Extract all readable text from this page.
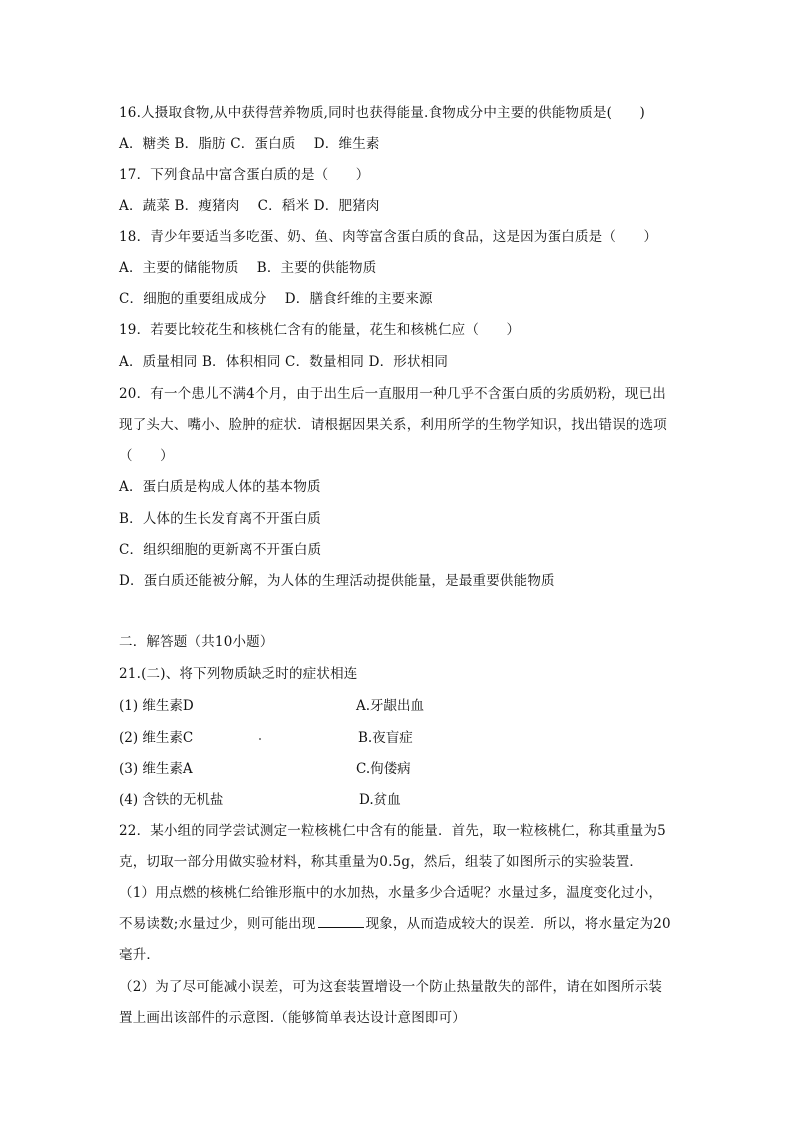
16.人摄取食物,从中获得营养物质,同时也获得能量.食物成分中主要的供能物质是(　　)
A．糖类 B．脂肪 C．蛋白质　 D．维生素
17．下列食品中富含蛋白质的是（　　）
A．蔬菜 B．瘦猪肉　 C．稻米 D．肥猪肉
18．青少年要适当多吃蛋、奶、鱼、肉等富含蛋白质的食品，这是因为蛋白质是（　　）
A．主要的储能物质　 B．主要的供能物质
C．细胞的重要组成成分　 D．膳食纤维的主要来源
19．若要比较花生和核桃仁含有的能量，花生和核桃仁应（　　）
A．质量相同 B．体积相同 C．数量相同 D．形状相同
20．有一个患儿不满4个月，由于出生后一直服用一种几乎不含蛋白质的劣质奶粉，现已出
现了头大、嘴小、脸肿的症状．请根据因果关系，利用所学的生物学知识，找出错误的选项
（　　）
A．蛋白质是构成人体的基本物质
B．人体的生长发育离不开蛋白质
C．组织细胞的更新离不开蛋白质
D．蛋白质还能被分解，为人体的生理活动提供能量，是最重要供能物质
二．解答题（共10小题）
21.(二)、将下列物质缺乏时的症状相连
(1) 维生素D	A.牙龈出血
(2) 维生素C	B.夜盲症
(3) 维生素A	C.佝偻病
(4) 含铁的无机盐	D.贫血
22．某小组的同学尝试测定一粒核桃仁中含有的能量．首先，取一粒核桃仁，称其重量为5
克，切取一部分用做实验材料，称其重量为0.5g，然后，组装了如图所示的实验装置．
（1）用点燃的核桃仁给锥形瓶中的水加热，水量多少合适呢？水量过多，温度变化过小，
不易读数;水量过少，则可能出现	现象，从而造成较大的误差．所以，将水量定为20
毫升．
（2）为了尽可能减小误差，可为这套装置增设一个防止热量散失的部件，请在如图所示装
置上画出该部件的示意图.（能够简单表达设计意图即可）
